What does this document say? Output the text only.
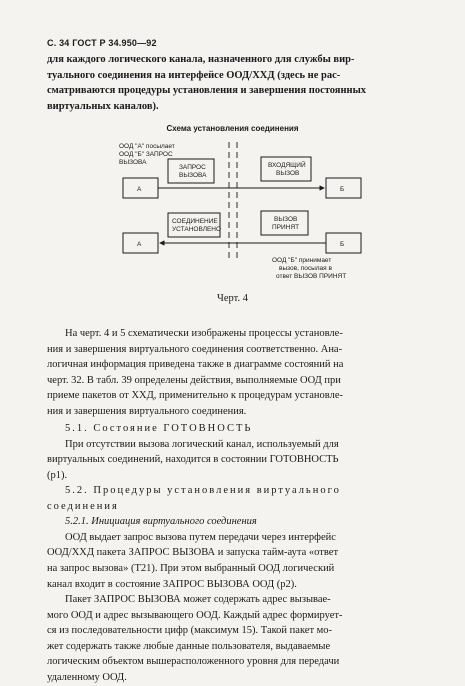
С. 34 ГОСТ Р 34.950—92
для каждого логического канала, назначенного для службы вир-
туального соединения на интерфейсе ООД/ХХД (здесь не рас-
сматриваются процедуры установления и завершения постоянных
виртуальных каналов).
Схема установления соединения
ООД "А" посылает
ООД "Б" ЗАПРОС
ВЫЗОВА
А
ЗАПРОС
ВЫЗОВА
ВХОДЯЩИЙ
ВЫЗОВ
Б
А
СОЕДИНЕНИЕ
УСТАНОВЛЕНО
ВЫЗОВ
ПРИНЯТ
Б
ООД "Б" принимает
вызов, посылая в
ответ ВЫЗОВ ПРИНЯТ
Черт. 4
На черт. 4 и 5 схематически изображены процессы установле-
ния и завершения виртуального соединения соответственно. Ана-
логичная информация приведена также в диаграмме состояний на
черт. 32. В табл. 39 определены действия, выполняемые ООД при
приеме пакетов от ХХД, применительно к процедурам установле-
ния и завершения виртуального соединения.
5.1. Состояние ГОТОВНОСТЬ
При отсутствии вызова логический канал, используемый для
виртуальных соединений, находится в состоянии ГОТОВНОСТЬ
(р1).
5.2. Процедуры установления виртуального
соединения
5.2.1. Инициация виртуального соединения
ООД выдает запрос вызова путем передачи через интерфейс
ООД/ХХД пакета ЗАПРОС ВЫЗОВА и запуска тайм-аута «ответ
на запрос вызова» (Т21). При этом выбранный ООД логический
канал входит в состояние ЗАПРОС ВЫЗОВА ООД (р2).
Пакет ЗАПРОС ВЫЗОВА может содержать адрес вызывае-
мого ООД и адрес вызывающего ООД. Каждый адрес формирует-
ся из последовательности цифр (максимум 15). Такой пакет мо-
жет содержать также любые данные пользователя, выдаваемые
логическим объектом вышерасположенного уровня для передачи
удаленному ООД.
